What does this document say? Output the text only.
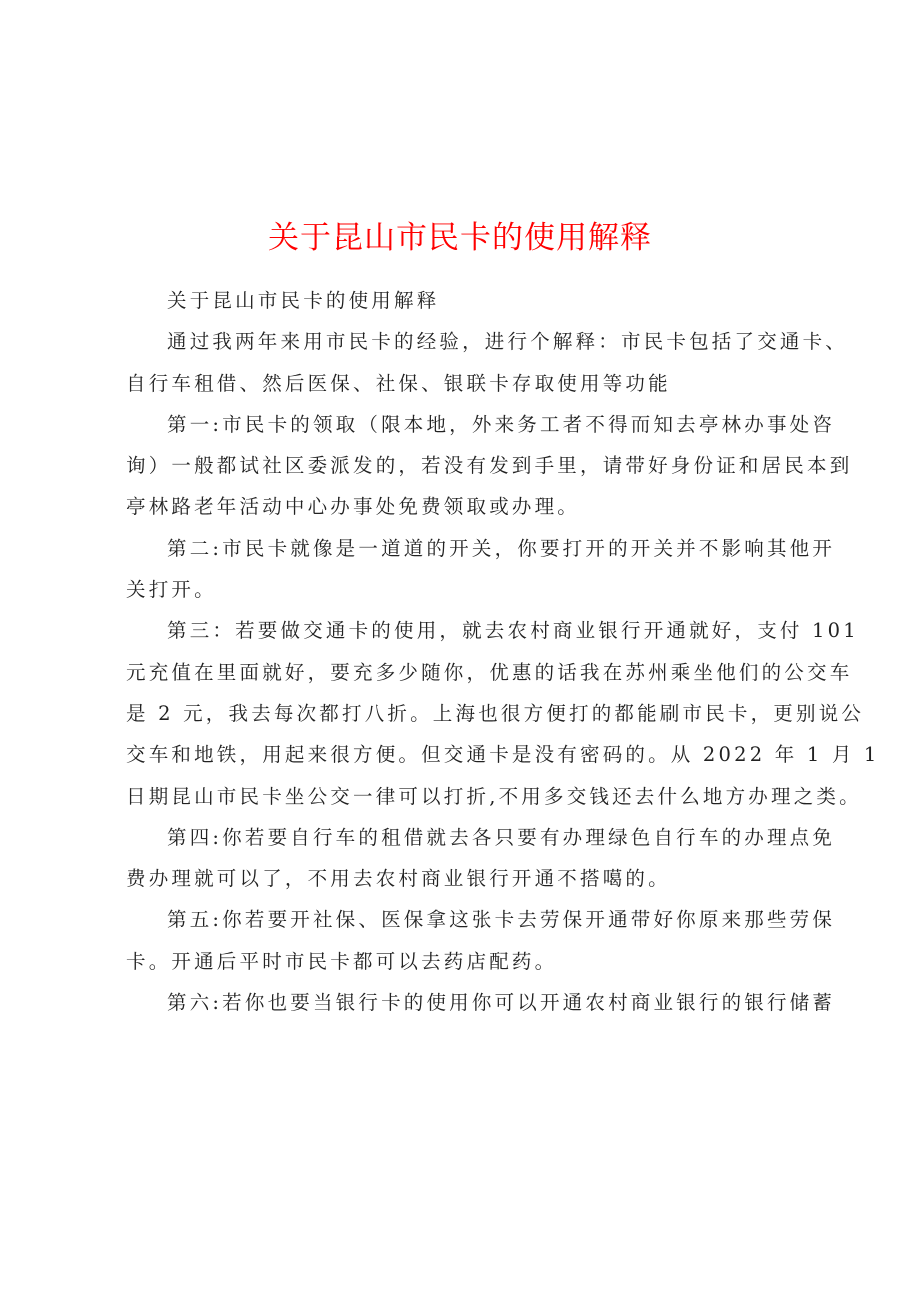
关于昆山市民卡的使用解释
关于昆山市民卡的使用解释
通过我两年来用市民卡的经验，进行个解释：市民卡包括了交通卡、
自行车租借、然后医保、社保、银联卡存取使用等功能
第一:市民卡的领取（限本地，外来务工者不得而知去亭林办事处咨
询）一般都试社区委派发的，若没有发到手里，请带好身份证和居民本到
亭林路老年活动中心办事处免费领取或办理。
第二:市民卡就像是一道道的开关，你要打开的开关并不影响其他开
关打开。
第三：若要做交通卡的使用，就去农村商业银行开通就好，支付 101
元充值在里面就好，要充多少随你，优惠的话我在苏州乘坐他们的公交车
是 2 元，我去每次都打八折。上海也很方便打的都能刷市民卡，更别说公
交车和地铁，用起来很方便。但交通卡是没有密码的。从 2022 年 1 月 1
日期昆山市民卡坐公交一律可以打折,不用多交钱还去什么地方办理之类。
第四:你若要自行车的租借就去各只要有办理绿色自行车的办理点免
费办理就可以了，不用去农村商业银行开通不搭噶的。
第五:你若要开社保、医保拿这张卡去劳保开通带好你原来那些劳保
卡。开通后平时市民卡都可以去药店配药。
第六:若你也要当银行卡的使用你可以开通农村商业银行的银行储蓄
